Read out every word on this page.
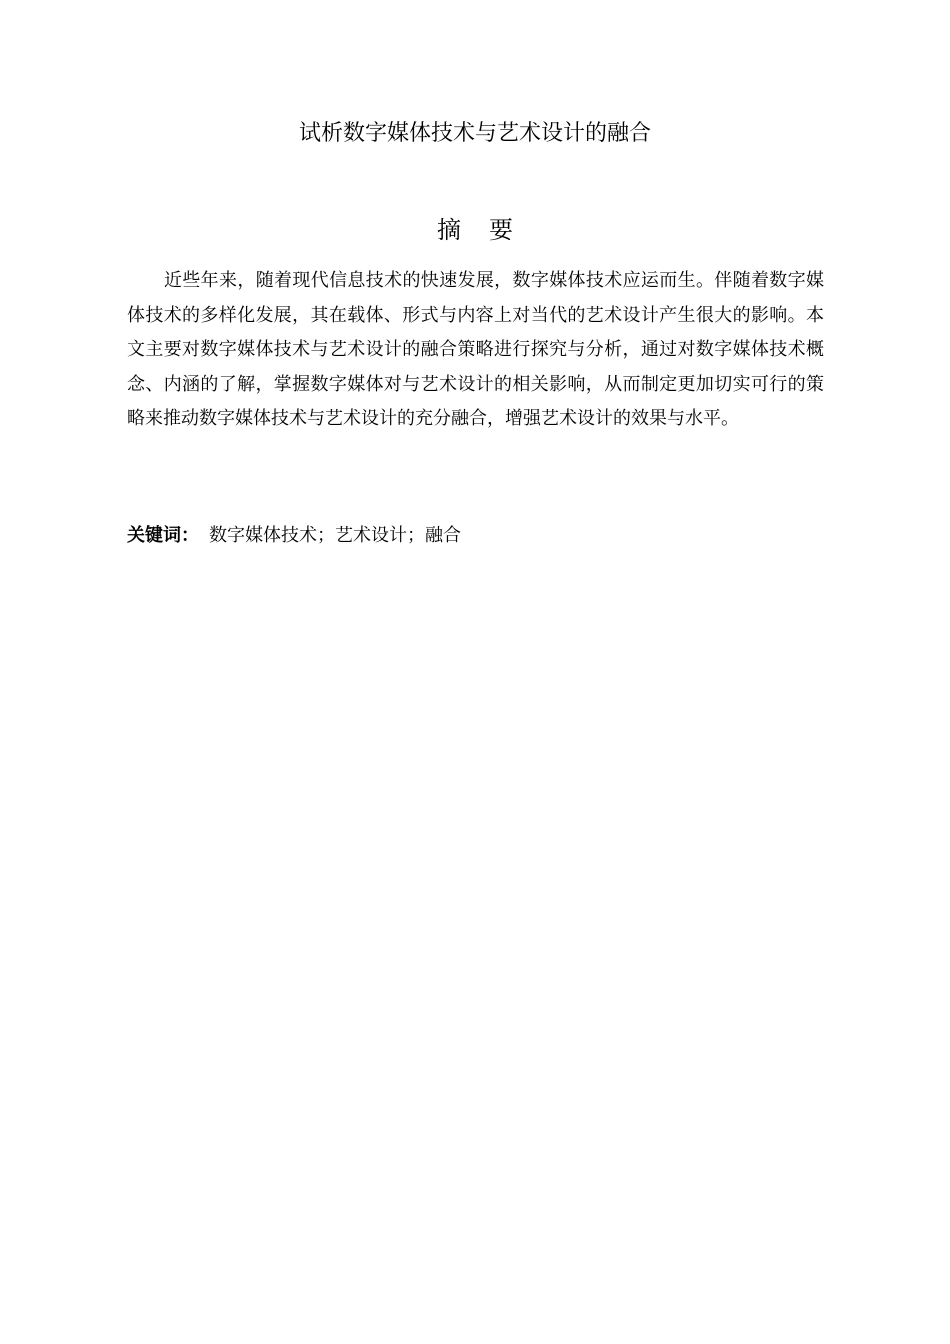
试析数字媒体技术与艺术设计的融合
摘要

近些年来，随着现代信息技术的快速发展，数字媒体技术应运而生。伴随着数字媒体技术的多样化发展，其在载体、形式与内容上对当代的艺术设计产生很大的影响。本文主要对数字媒体技术与艺术设计的融合策略进行探究与分析，通过对数字媒体技术概念、内涵的了解，掌握数字媒体对与艺术设计的相关影响，从而制定更加切实可行的策略来推动数字媒体技术与艺术设计的充分融合，增强艺术设计的效果与水平。

关键词： 数字媒体技术；艺术设计；融合
